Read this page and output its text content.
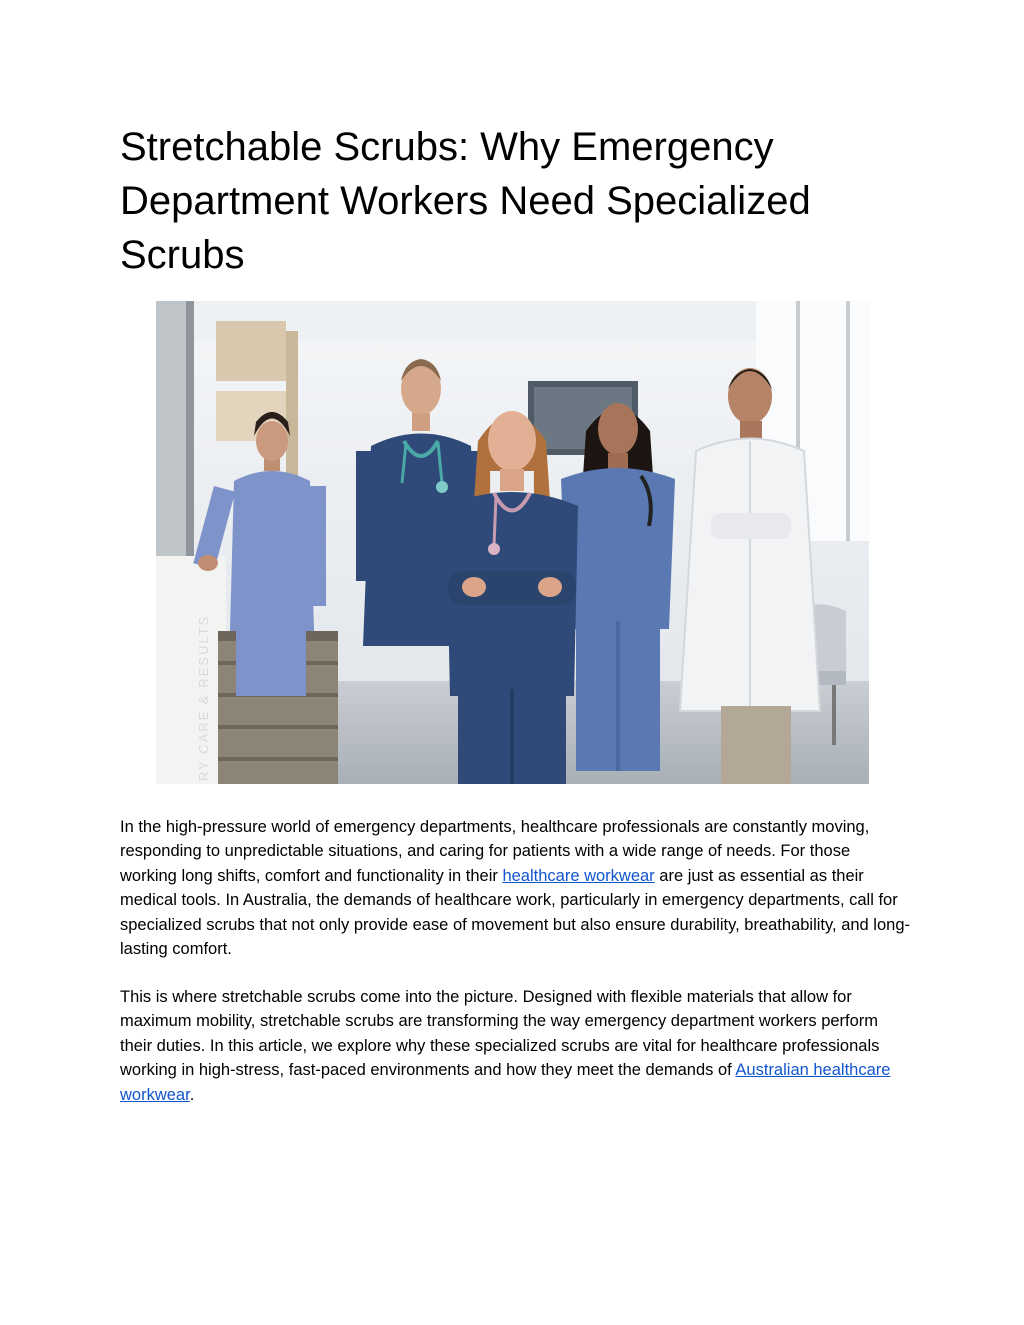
Stretchable Scrubs: Why Emergency Department Workers Need Specialized Scrubs
RY CARE & RESULTS

In the high-pressure world of emergency departments, healthcare professionals are constantly moving, responding to unpredictable situations, and caring for patients with a wide range of needs. For those working long shifts, comfort and functionality in their healthcare workwear are just as essential as their medical tools. In Australia, the demands of healthcare work, particularly in emergency departments, call for specialized scrubs that not only provide ease of movement but also ensure durability, breathability, and long-lasting comfort.

This is where stretchable scrubs come into the picture. Designed with flexible materials that allow for maximum mobility, stretchable scrubs are transforming the way emergency department workers perform their duties. In this article, we explore why these specialized scrubs are vital for healthcare professionals working in high-stress, fast-paced environments and how they meet the demands of Australian healthcare workwear.
